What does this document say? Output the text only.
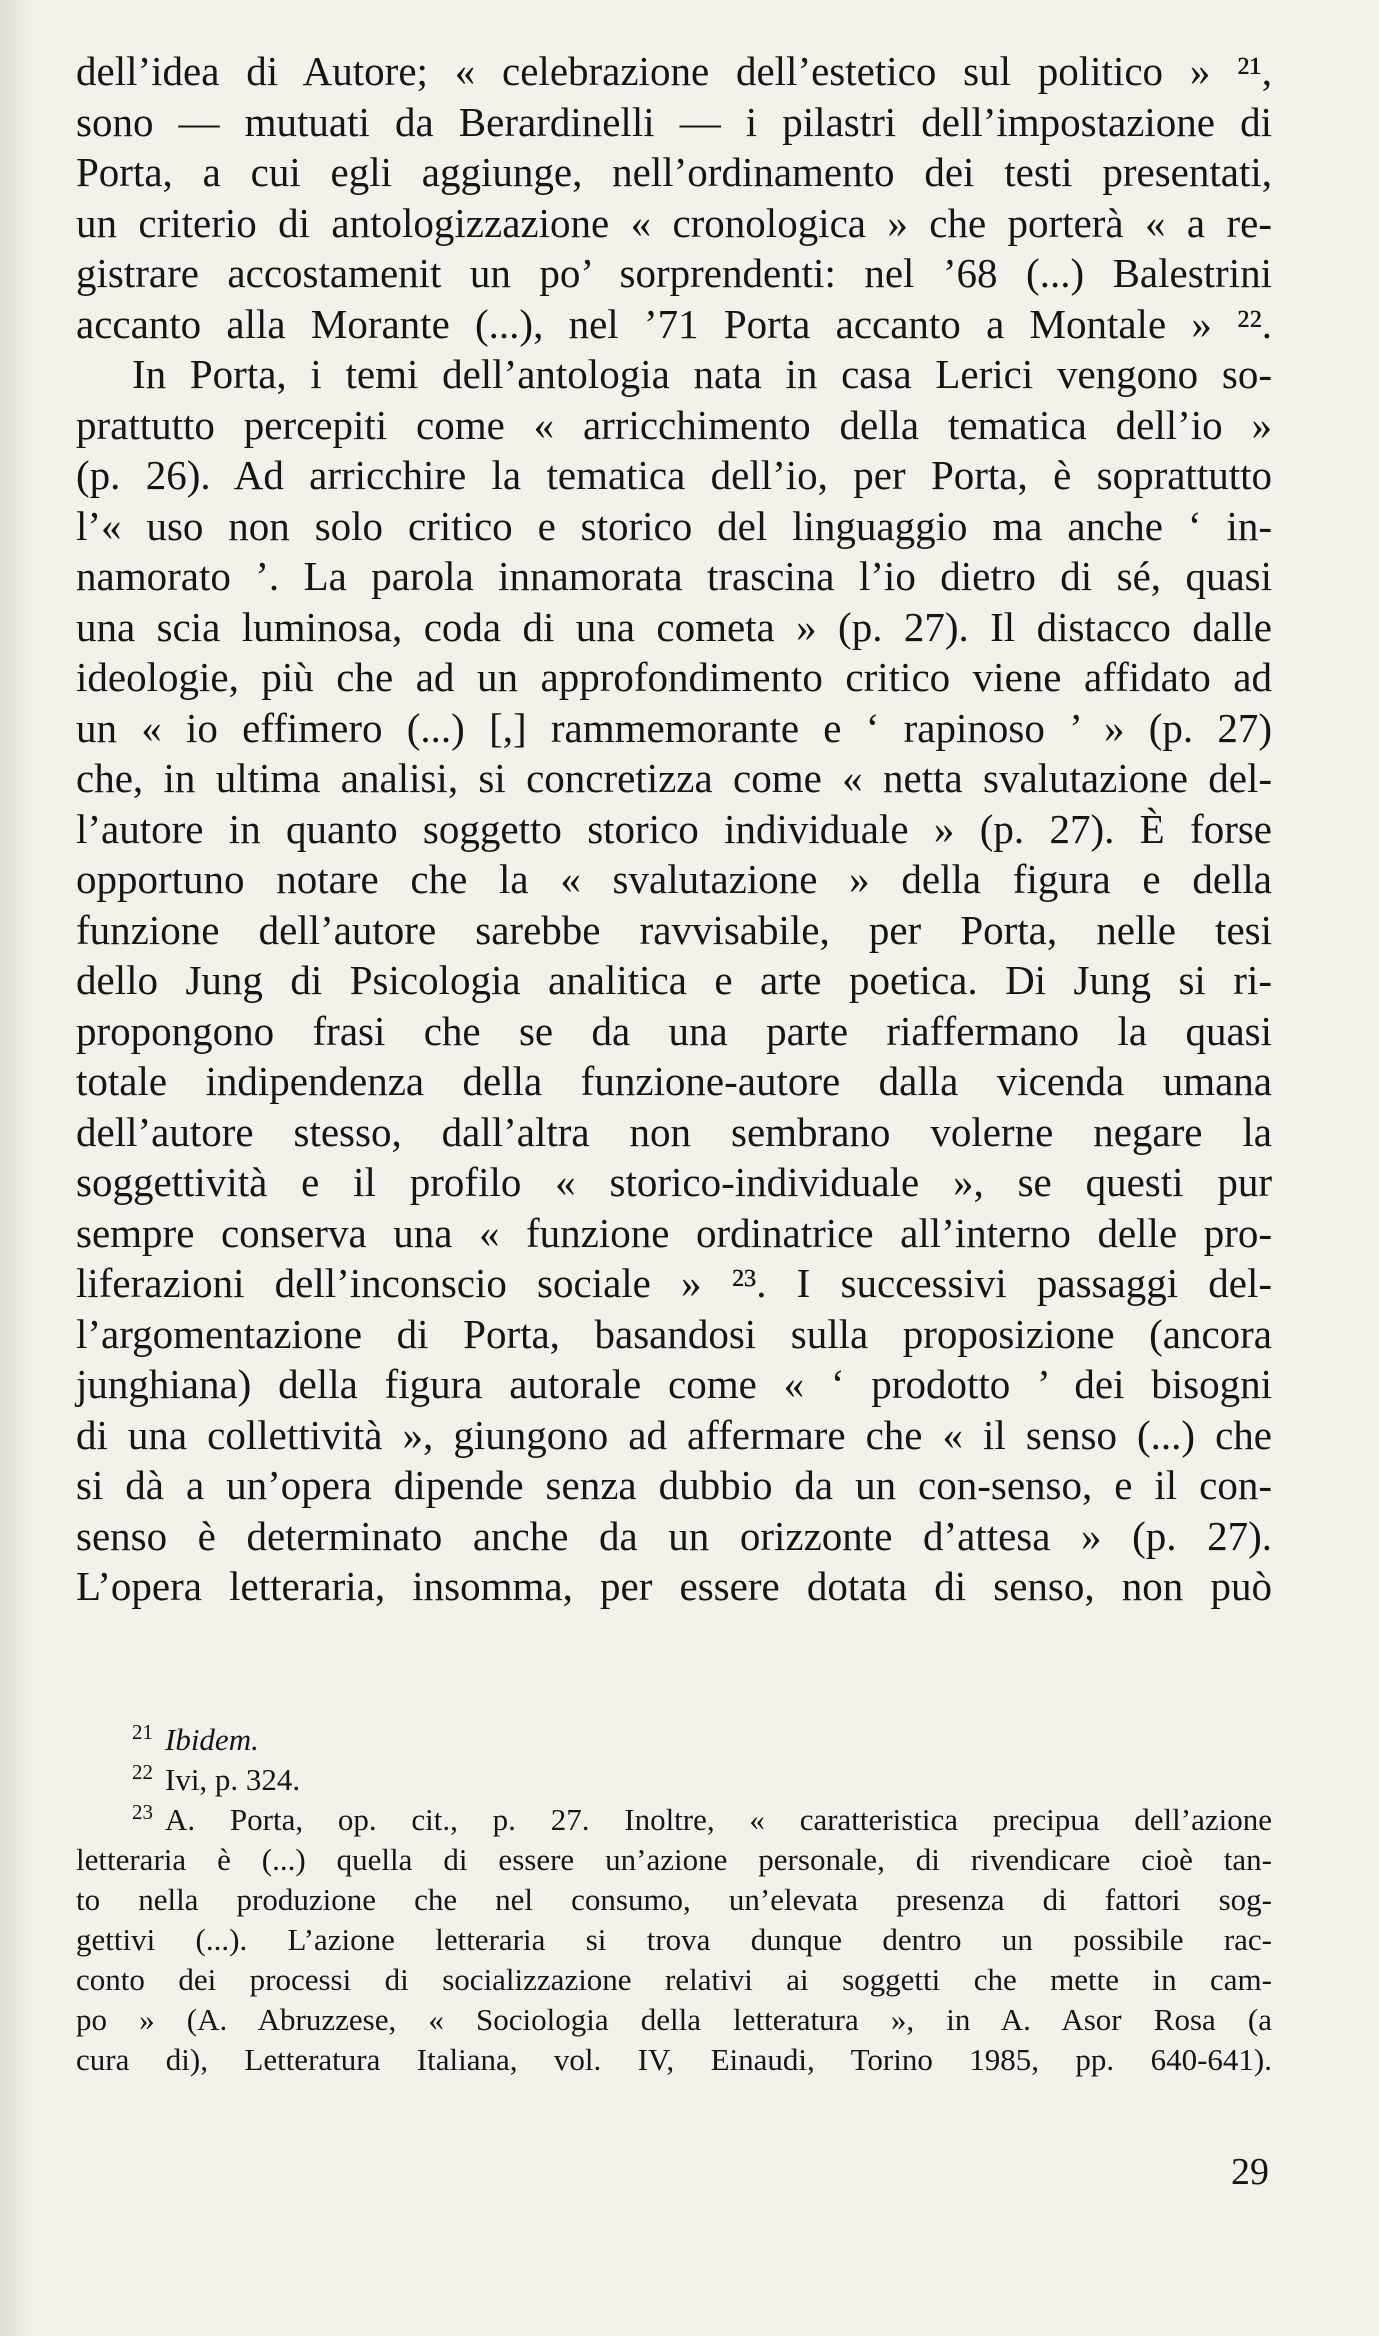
dell’idea di Autore; « celebrazione dell’estetico sul politico » ²¹,
sono — mutuati da Berardinelli — i pilastri dell’impostazione di
Porta, a cui egli aggiunge, nell’ordinamento dei testi presentati,
un criterio di antologizzazione « cronologica » che porterà « a re-
gistrare accostamenit un po’ sorprendenti: nel ’68 (...) Balestrini
accanto alla Morante (...), nel ’71 Porta accanto a Montale » ²².
In Porta, i temi dell’antologia nata in casa Lerici vengono so-
prattutto percepiti come « arricchimento della tematica dell’io »
(p. 26). Ad arricchire la tematica dell’io, per Porta, è soprattutto
l’« uso non solo critico e storico del linguaggio ma anche ‘ in-
namorato ’. La parola innamorata trascina l’io dietro di sé, quasi
una scia luminosa, coda di una cometa » (p. 27). Il distacco dalle
ideologie, più che ad un approfondimento critico viene affidato ad
un « io effimero (...) [,] rammemorante e ‘ rapinoso ’ » (p. 27)
che, in ultima analisi, si concretizza come « netta svalutazione del-
l’autore in quanto soggetto storico individuale » (p. 27). È forse
opportuno notare che la « svalutazione » della figura e della
funzione dell’autore sarebbe ravvisabile, per Porta, nelle tesi
dello Jung di Psicologia analitica e arte poetica. Di Jung si ri-
propongono frasi che se da una parte riaffermano la quasi
totale indipendenza della funzione-autore dalla vicenda umana
dell’autore stesso, dall’altra non sembrano volerne negare la
soggettività e il profilo « storico-individuale », se questi pur
sempre conserva una « funzione ordinatrice all’interno delle pro-
liferazioni dell’inconscio sociale » ²³. I successivi passaggi del-
l’argomentazione di Porta, basandosi sulla proposizione (ancora
junghiana) della figura autorale come « ‘ prodotto ’ dei bisogni
di una collettività », giungono ad affermare che « il senso (...) che
si dà a un’opera dipende senza dubbio da un con-senso, e il con-
senso è determinato anche da un orizzonte d’attesa » (p. 27).
L’opera letteraria, insomma, per essere dotata di senso, non può
$^{21}$ Ibidem.
$^{22}$ Ivi, p. 324.
$^{23}$ A. Porta, op. cit., p. 27. Inoltre, « caratteristica precipua dell’azione
letteraria è (...) quella di essere un’azione personale, di rivendicare cioè tan-
to nella produzione che nel consumo, un’elevata presenza di fattori sog-
gettivi (...). L’azione letteraria si trova dunque dentro un possibile rac-
conto dei processi di socializzazione relativi ai soggetti che mette in cam-
po » (A. Abruzzese, « Sociologia della letteratura », in A. Asor Rosa (a
cura di), Letteratura Italiana, vol. IV, Einaudi, Torino 1985, pp. 640-641).
29
